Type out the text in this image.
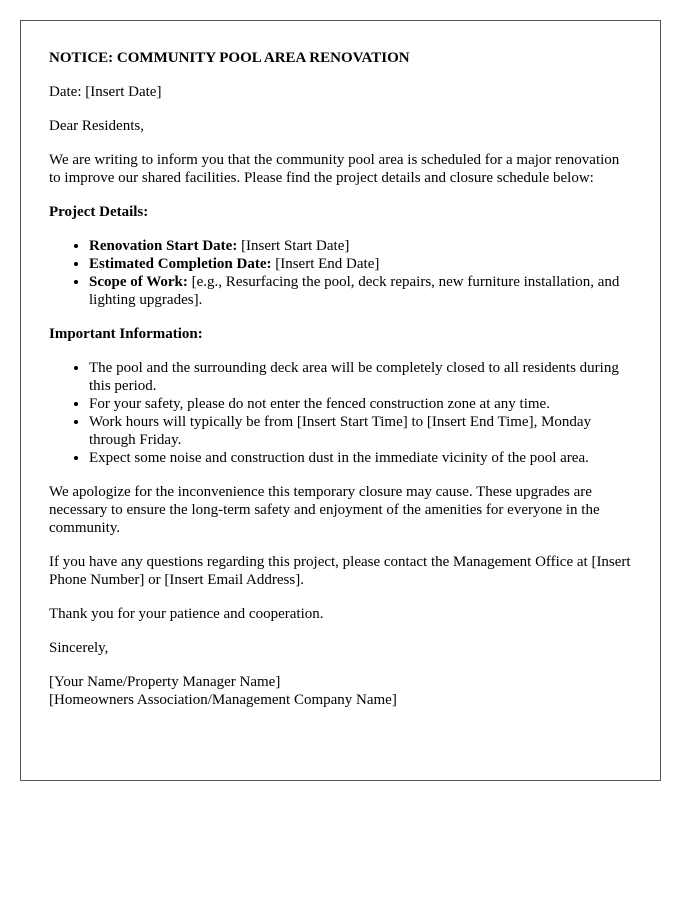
NOTICE: COMMUNITY POOL AREA RENOVATION

Date: [Insert Date]

Dear Residents,

We are writing to inform you that the community pool area is scheduled for a major renovation to improve our shared facilities. Please find the project details and closure schedule below:

Project Details:
• Renovation Start Date: [Insert Start Date]
• Estimated Completion Date: [Insert End Date]
• Scope of Work: [e.g., Resurfacing the pool, deck repairs, new furniture installation, and lighting upgrades].
Important Information:
• The pool and the surrounding deck area will be completely closed to all residents during this period.
• For your safety, please do not enter the fenced construction zone at any time.
• Work hours will typically be from [Insert Start Time] to [Insert End Time], Monday through Friday.
• Expect some noise and construction dust in the immediate vicinity of the pool area.

We apologize for the inconvenience this temporary closure may cause. These upgrades are necessary to ensure the long-term safety and enjoyment of the amenities for everyone in the community.

If you have any questions regarding this project, please contact the Management Office at [Insert Phone Number] or [Insert Email Address].

Thank you for your patience and cooperation.

Sincerely,

[Your Name/Property Manager Name]
[Homeowners Association/Management Company Name]
